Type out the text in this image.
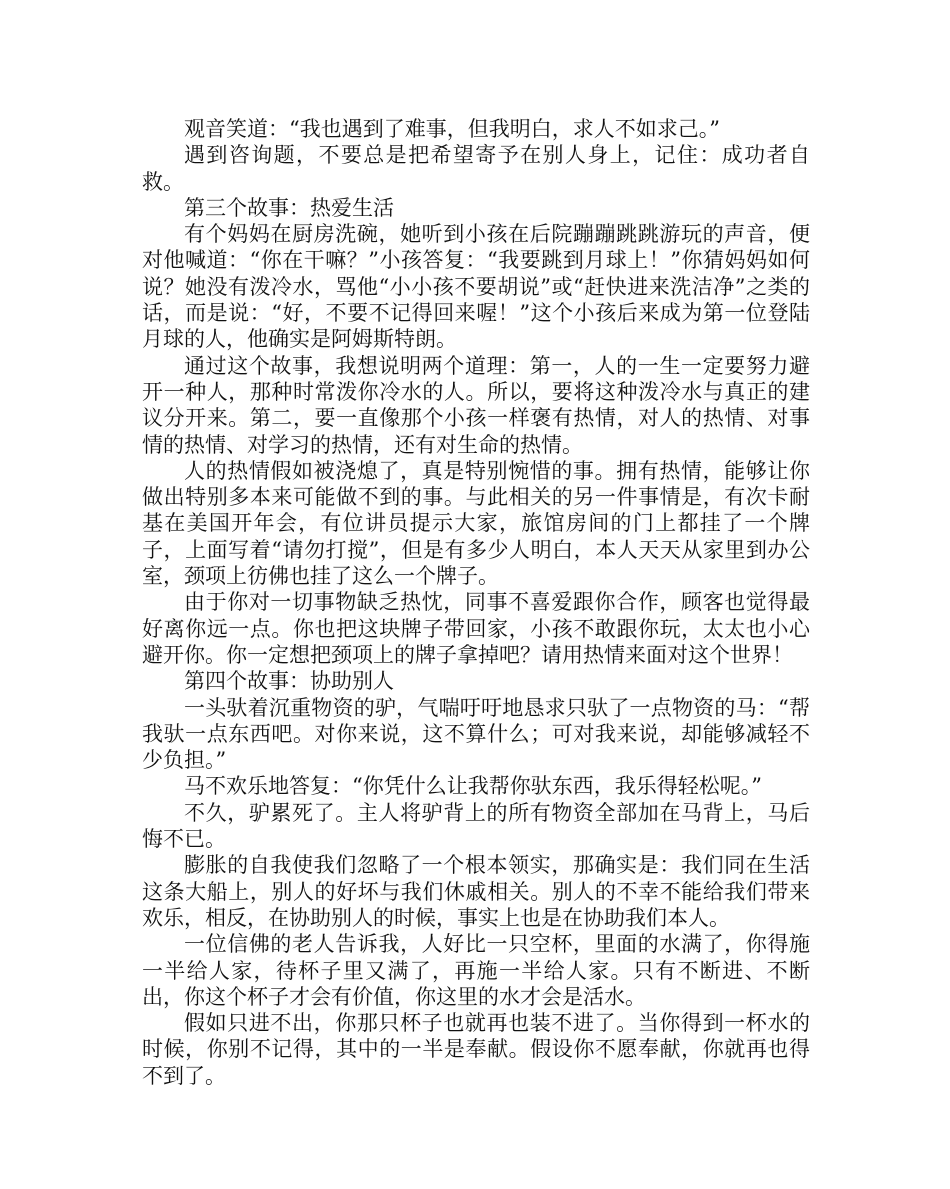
观音笑道：“我也遇到了难事，但我明白，求人不如求己。”

遇到咨询题，不要总是把希望寄予在别人身上，记住：成功者自救。

第三个故事：热爱生活

有个妈妈在厨房洗碗，她听到小孩在后院蹦蹦跳跳游玩的声音，便对他喊道：“你在干嘛？”小孩答复：“我要跳到月球上！”你猜妈妈如何说？她没有泼冷水，骂他“小小孩不要胡说”或“赶快进来洗洁净”之类的话，而是说：“好，不要不记得回来喔！”这个小孩后来成为第一位登陆月球的人，他确实是阿姆斯特朗。

通过这个故事，我想说明两个道理：第一，人的一生一定要努力避开一种人，那种时常泼你冷水的人。所以，要将这种泼冷水与真正的建议分开来。第二，要一直像那个小孩一样褒有热情，对人的热情、对事情的热情、对学习的热情，还有对生命的热情。

人的热情假如被浇熄了，真是特别惋惜的事。拥有热情，能够让你做出特别多本来可能做不到的事。与此相关的另一件事情是，有次卡耐基在美国开年会，有位讲员提示大家，旅馆房间的门上都挂了一个牌子，上面写着“请勿打搅”，但是有多少人明白，本人天天从家里到办公室，颈项上彷佛也挂了这么一个牌子。

由于你对一切事物缺乏热忱，同事不喜爱跟你合作，顾客也觉得最好离你远一点。你也把这块牌子带回家，小孩不敢跟你玩，太太也小心避开你。你一定想把颈项上的牌子拿掉吧？请用热情来面对这个世界！

第四个故事：协助别人

一头驮着沉重物资的驴，气喘吁吁地恳求只驮了一点物资的马：“帮我驮一点东西吧。对你来说，这不算什么；可对我来说，却能够减轻不少负担。”

马不欢乐地答复：“你凭什么让我帮你驮东西，我乐得轻松呢。”

不久，驴累死了。主人将驴背上的所有物资全部加在马背上，马后悔不已。

膨胀的自我使我们忽略了一个根本领实，那确实是：我们同在生活这条大船上，别人的好坏与我们休戚相关。别人的不幸不能给我们带来欢乐，相反，在协助别人的时候，事实上也是在协助我们本人。

一位信佛的老人告诉我，人好比一只空杯，里面的水满了，你得施一半给人家，待杯子里又满了，再施一半给人家。只有不断进、不断出，你这个杯子才会有价值，你这里的水才会是活水。

假如只进不出，你那只杯子也就再也装不进了。当你得到一杯水的时候，你别不记得，其中的一半是奉献。假设你不愿奉献，你就再也得不到了。
